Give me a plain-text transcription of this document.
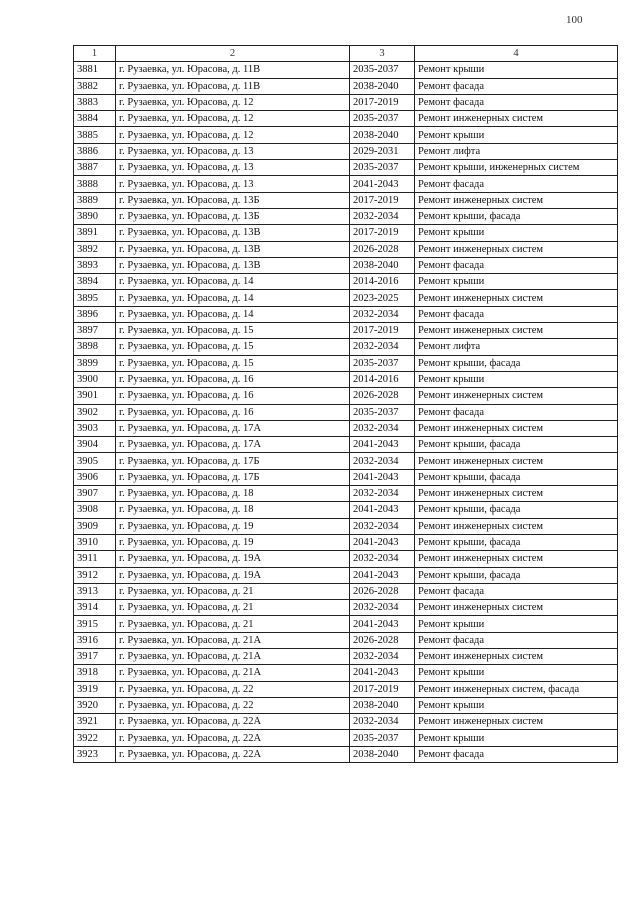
100
1	2	3	4
3881	г. Рузаевка, ул. Юрасова, д. 11В	2035-2037	Ремонт крыши
3882	г. Рузаевка, ул. Юрасова, д. 11В	2038-2040	Ремонт фасада
3883	г. Рузаевка, ул. Юрасова, д. 12	2017-2019	Ремонт фасада
3884	г. Рузаевка, ул. Юрасова, д. 12	2035-2037	Ремонт инженерных систем
3885	г. Рузаевка, ул. Юрасова, д. 12	2038-2040	Ремонт крыши
3886	г. Рузаевка, ул. Юрасова, д. 13	2029-2031	Ремонт лифта
3887	г. Рузаевка, ул. Юрасова, д. 13	2035-2037	Ремонт крыши, инженерных систем
3888	г. Рузаевка, ул. Юрасова, д. 13	2041-2043	Ремонт фасада
3889	г. Рузаевка, ул. Юрасова, д. 13Б	2017-2019	Ремонт инженерных систем
3890	г. Рузаевка, ул. Юрасова, д. 13Б	2032-2034	Ремонт крыши, фасада
3891	г. Рузаевка, ул. Юрасова, д. 13В	2017-2019	Ремонт крыши
3892	г. Рузаевка, ул. Юрасова, д. 13В	2026-2028	Ремонт инженерных систем
3893	г. Рузаевка, ул. Юрасова, д. 13В	2038-2040	Ремонт фасада
3894	г. Рузаевка, ул. Юрасова, д. 14	2014-2016	Ремонт крыши
3895	г. Рузаевка, ул. Юрасова, д. 14	2023-2025	Ремонт инженерных систем
3896	г. Рузаевка, ул. Юрасова, д. 14	2032-2034	Ремонт фасада
3897	г. Рузаевка, ул. Юрасова, д. 15	2017-2019	Ремонт инженерных систем
3898	г. Рузаевка, ул. Юрасова, д. 15	2032-2034	Ремонт лифта
3899	г. Рузаевка, ул. Юрасова, д. 15	2035-2037	Ремонт крыши, фасада
3900	г. Рузаевка, ул. Юрасова, д. 16	2014-2016	Ремонт крыши
3901	г. Рузаевка, ул. Юрасова, д. 16	2026-2028	Ремонт инженерных систем
3902	г. Рузаевка, ул. Юрасова, д. 16	2035-2037	Ремонт фасада
3903	г. Рузаевка, ул. Юрасова, д. 17А	2032-2034	Ремонт инженерных систем
3904	г. Рузаевка, ул. Юрасова, д. 17А	2041-2043	Ремонт крыши, фасада
3905	г. Рузаевка, ул. Юрасова, д. 17Б	2032-2034	Ремонт инженерных систем
3906	г. Рузаевка, ул. Юрасова, д. 17Б	2041-2043	Ремонт крыши, фасада
3907	г. Рузаевка, ул. Юрасова, д. 18	2032-2034	Ремонт инженерных систем
3908	г. Рузаевка, ул. Юрасова, д. 18	2041-2043	Ремонт крыши, фасада
3909	г. Рузаевка, ул. Юрасова, д. 19	2032-2034	Ремонт инженерных систем
3910	г. Рузаевка, ул. Юрасова, д. 19	2041-2043	Ремонт крыши, фасада
3911	г. Рузаевка, ул. Юрасова, д. 19А	2032-2034	Ремонт инженерных систем
3912	г. Рузаевка, ул. Юрасова, д. 19А	2041-2043	Ремонт крыши, фасада
3913	г. Рузаевка, ул. Юрасова, д. 21	2026-2028	Ремонт фасада
3914	г. Рузаевка, ул. Юрасова, д. 21	2032-2034	Ремонт инженерных систем
3915	г. Рузаевка, ул. Юрасова, д. 21	2041-2043	Ремонт крыши
3916	г. Рузаевка, ул. Юрасова, д. 21А	2026-2028	Ремонт фасада
3917	г. Рузаевка, ул. Юрасова, д. 21А	2032-2034	Ремонт инженерных систем
3918	г. Рузаевка, ул. Юрасова, д. 21А	2041-2043	Ремонт крыши
3919	г. Рузаевка, ул. Юрасова, д. 22	2017-2019	Ремонт инженерных систем, фасада
3920	г. Рузаевка, ул. Юрасова, д. 22	2038-2040	Ремонт крыши
3921	г. Рузаевка, ул. Юрасова, д. 22А	2032-2034	Ремонт инженерных систем
3922	г. Рузаевка, ул. Юрасова, д. 22А	2035-2037	Ремонт крыши
3923	г. Рузаевка, ул. Юрасова, д. 22А	2038-2040	Ремонт фасада
